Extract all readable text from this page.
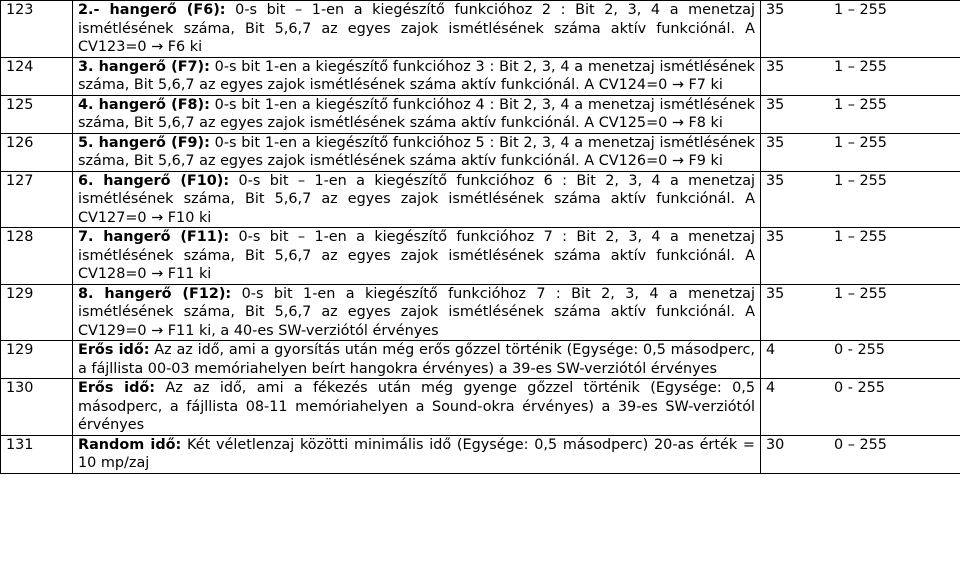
123	2.- hangerő (F6): 0-s bit – 1-en a kiegészítő funkcióhoz 2 : Bit 2, 3, 4 a menetzaj ismétlésének száma, Bit 5,6,7 az egyes zajok ismétlésének száma aktív funkciónál. A CV123=0 → F6 ki	35 1 – 255
124	3. hangerő (F7): 0-s bit 1-en a kiegészítő funkcióhoz 3 : Bit 2, 3, 4 a menetzaj ismétlésének száma, Bit 5,6,7 az egyes zajok ismétlésének száma aktív funkciónál. A CV124=0 → F7 ki	35 1 – 255
125	4. hangerő (F8): 0-s bit 1-en a kiegészítő funkcióhoz 4 : Bit 2, 3, 4 a menetzaj ismétlésének száma, Bit 5,6,7 az egyes zajok ismétlésének száma aktív funkciónál. A CV125=0 → F8 ki	35 1 – 255
126	5. hangerő (F9): 0-s bit 1-en a kiegészítő funkcióhoz 5 : Bit 2, 3, 4 a menetzaj ismétlésének száma, Bit 5,6,7 az egyes zajok ismétlésének száma aktív funkciónál. A CV126=0 → F9 ki	35 1 – 255
127	6. hangerő (F10): 0-s bit – 1-en a kiegészítő funkcióhoz 6 : Bit 2, 3, 4 a menetzaj ismétlésének száma, Bit 5,6,7 az egyes zajok ismétlésének száma aktív funkciónál. A CV127=0 → F10 ki	35 1 – 255
128	7. hangerő (F11): 0-s bit – 1-en a kiegészítő funkcióhoz 7 : Bit 2, 3, 4 a menetzaj ismétlésének száma, Bit 5,6,7 az egyes zajok ismétlésének száma aktív funkciónál. A CV128=0 → F11 ki	35 1 – 255
129	8. hangerő (F12): 0-s bit 1-en a kiegészítő funkcióhoz 7 : Bit 2, 3, 4 a menetzaj ismétlésének száma, Bit 5,6,7 az egyes zajok ismétlésének száma aktív funkciónál. A CV129=0 → F11 ki, a 40-es SW-verziótól érvényes	35 1 – 255
129	Erős idő: Az az idő, ami a gyorsítás után még erős gőzzel történik (Egysége: 0,5 másodperc, a fájllista 00-03 memóriahelyen beírt hangokra érvényes) a 39-es SW-verziótól érvényes	4 0 - 255
130	Erős idő: Az az idő, ami a fékezés után még gyenge gőzzel történik (Egysége: 0,5 másodperc, a fájllista 08-11 memóriahelyen a Sound-okra érvényes) a 39-es SW-verziótól érvényes	4 0 - 255
131	Random idő: Két véletlenzaj közötti minimális idő (Egysége: 0,5 másodperc) 20-as érték = 10 mp/zaj	30 0 – 255
